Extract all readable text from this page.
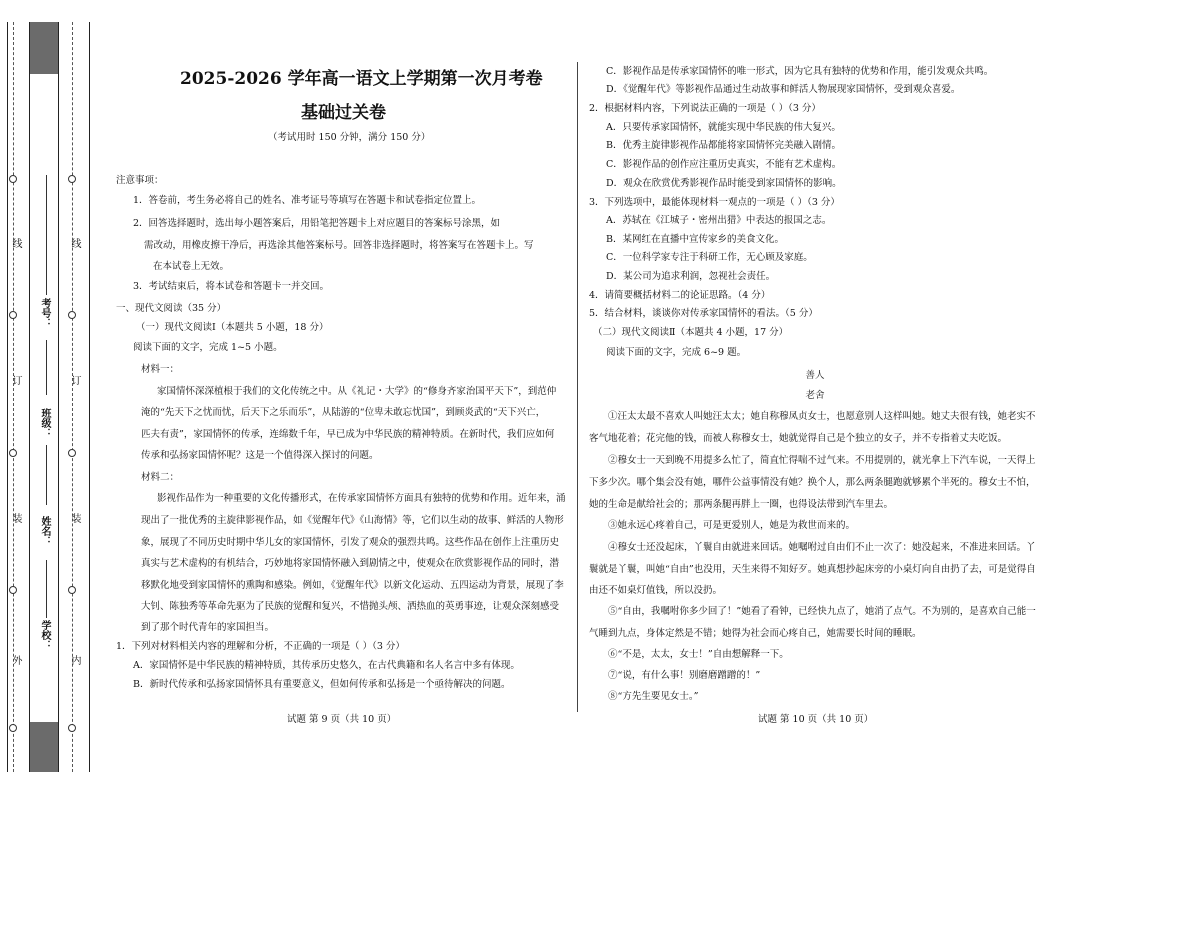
线
订
装
外
线
订
装
内
考号：
班级：
姓名：
学校：
2025-2026 学年高一语文上学期第一次月考卷
基础过关卷
（考试用时 150 分钟，满分 150 分）
注意事项：
1．答卷前，考生务必将自己的姓名、准考证号等填写在答题卡和试卷指定位置上。
2．回答选择题时，选出每小题答案后，用铅笔把答题卡上对应题目的答案标号涂黑，如
需改动，用橡皮擦干净后，再选涂其他答案标号。回答非选择题时，将答案写在答题卡上。写
在本试卷上无效。
3．考试结束后，将本试卷和答题卡一并交回。
一、现代文阅读（35 分）
（一）现代文阅读Ⅰ（本题共 5 小题，18 分）
阅读下面的文字，完成 1~5 小题。
材料一：
家国情怀深深植根于我们的文化传统之中。从《礼记・大学》的“修身齐家治国平天下”，到范仲
淹的“先天下之忧而忧，后天下之乐而乐”，从陆游的“位卑未敢忘忧国”，到顾炎武的“天下兴亡，
匹夫有责”，家国情怀的传承，连绵数千年，早已成为中华民族的精神特质。在新时代，我们应如何
传承和弘扬家国情怀呢？这是一个值得深入探讨的问题。
材料二：
影视作品作为一种重要的文化传播形式，在传承家国情怀方面具有独特的优势和作用。近年来，涌
现出了一批优秀的主旋律影视作品，如《觉醒年代》《山海情》等，它们以生动的故事、鲜活的人物形
象，展现了不同历史时期中华儿女的家国情怀，引发了观众的强烈共鸣。这些作品在创作上注重历史
真实与艺术虚构的有机结合，巧妙地将家国情怀融入到剧情之中，使观众在欣赏影视作品的同时，潜
移默化地受到家国情怀的熏陶和感染。例如，《觉醒年代》以新文化运动、五四运动为背景，展现了李
大钊、陈独秀等革命先驱为了民族的觉醒和复兴，不惜抛头颅、洒热血的英勇事迹，让观众深刻感受
到了那个时代青年的家国担当。
1．下列对材料相关内容的理解和分析，不正确的一项是（ ）（3 分）
A．家国情怀是中华民族的精神特质，其传承历史悠久，在古代典籍和名人名言中多有体现。
B．新时代传承和弘扬家国情怀具有重要意义，但如何传承和弘扬是一个亟待解决的问题。
试题 第 9 页（共 10 页）
C．影视作品是传承家国情怀的唯一形式，因为它具有独特的优势和作用，能引发观众共鸣。
D．《觉醒年代》等影视作品通过生动故事和鲜活人物展现家国情怀，受到观众喜爱。
2．根据材料内容，下列说法正确的一项是（ ）（3 分）
A．只要传承家国情怀，就能实现中华民族的伟大复兴。
B．优秀主旋律影视作品都能将家国情怀完美融入剧情。
C．影视作品的创作应注重历史真实，不能有艺术虚构。
D．观众在欣赏优秀影视作品时能受到家国情怀的影响。
3．下列选项中，最能体现材料一观点的一项是（ ）（3 分）
A．苏轼在《江城子・密州出猎》中表达的报国之志。
B．某网红在直播中宣传家乡的美食文化。
C．一位科学家专注于科研工作，无心顾及家庭。
D．某公司为追求利润，忽视社会责任。
4．请简要概括材料二的论证思路。（4 分）
5．结合材料，谈谈你对传承家国情怀的看法。（5 分）
（二）现代文阅读Ⅱ（本题共 4 小题，17 分）
阅读下面的文字，完成 6~9 题。
善人
老舍
①汪太太最不喜欢人叫她汪太太；她自称穆凤贞女士，也愿意别人这样叫她。她丈夫很有钱，她老实不
客气地花着；花完他的钱，而被人称穆女士，她就觉得自己是个独立的女子，并不专指着丈夫吃饭。
②穆女士一天到晚不用提多么忙了，简直忙得喘不过气来。不用提别的，就光拿上下汽车说，一天得上
下多少次。哪个集会没有她，哪件公益事情没有她？换个人，那么两条腿跑就够累个半死的。穆女士不怕，
她的生命是献给社会的；那两条腿再胖上一圈，也得设法带到汽车里去。
③她永远心疼着自己，可是更爱别人，她是为救世而来的。
④穆女士还没起床，丫鬟自由就进来回话。她嘱咐过自由们不止一次了：她没起来，不准进来回话。丫
鬟就是丫鬟，叫她“自由”也没用，天生来得不知好歹。她真想抄起床旁的小桌灯向自由扔了去，可是觉得自
由还不如桌灯值钱，所以没扔。
⑤“自由，我嘱咐你多少回了！”她看了看钟，已经快九点了，她消了点气。不为别的，是喜欢自己能一
气睡到九点，身体定然是不错；她得为社会而心疼自己，她需要长时间的睡眠。
⑥“不是，太太，女士！”自由想解释一下。
⑦“说，有什么事！别磨磨蹭蹭的！”
⑧“方先生要见女士。”
试题 第 10 页（共 10 页）
